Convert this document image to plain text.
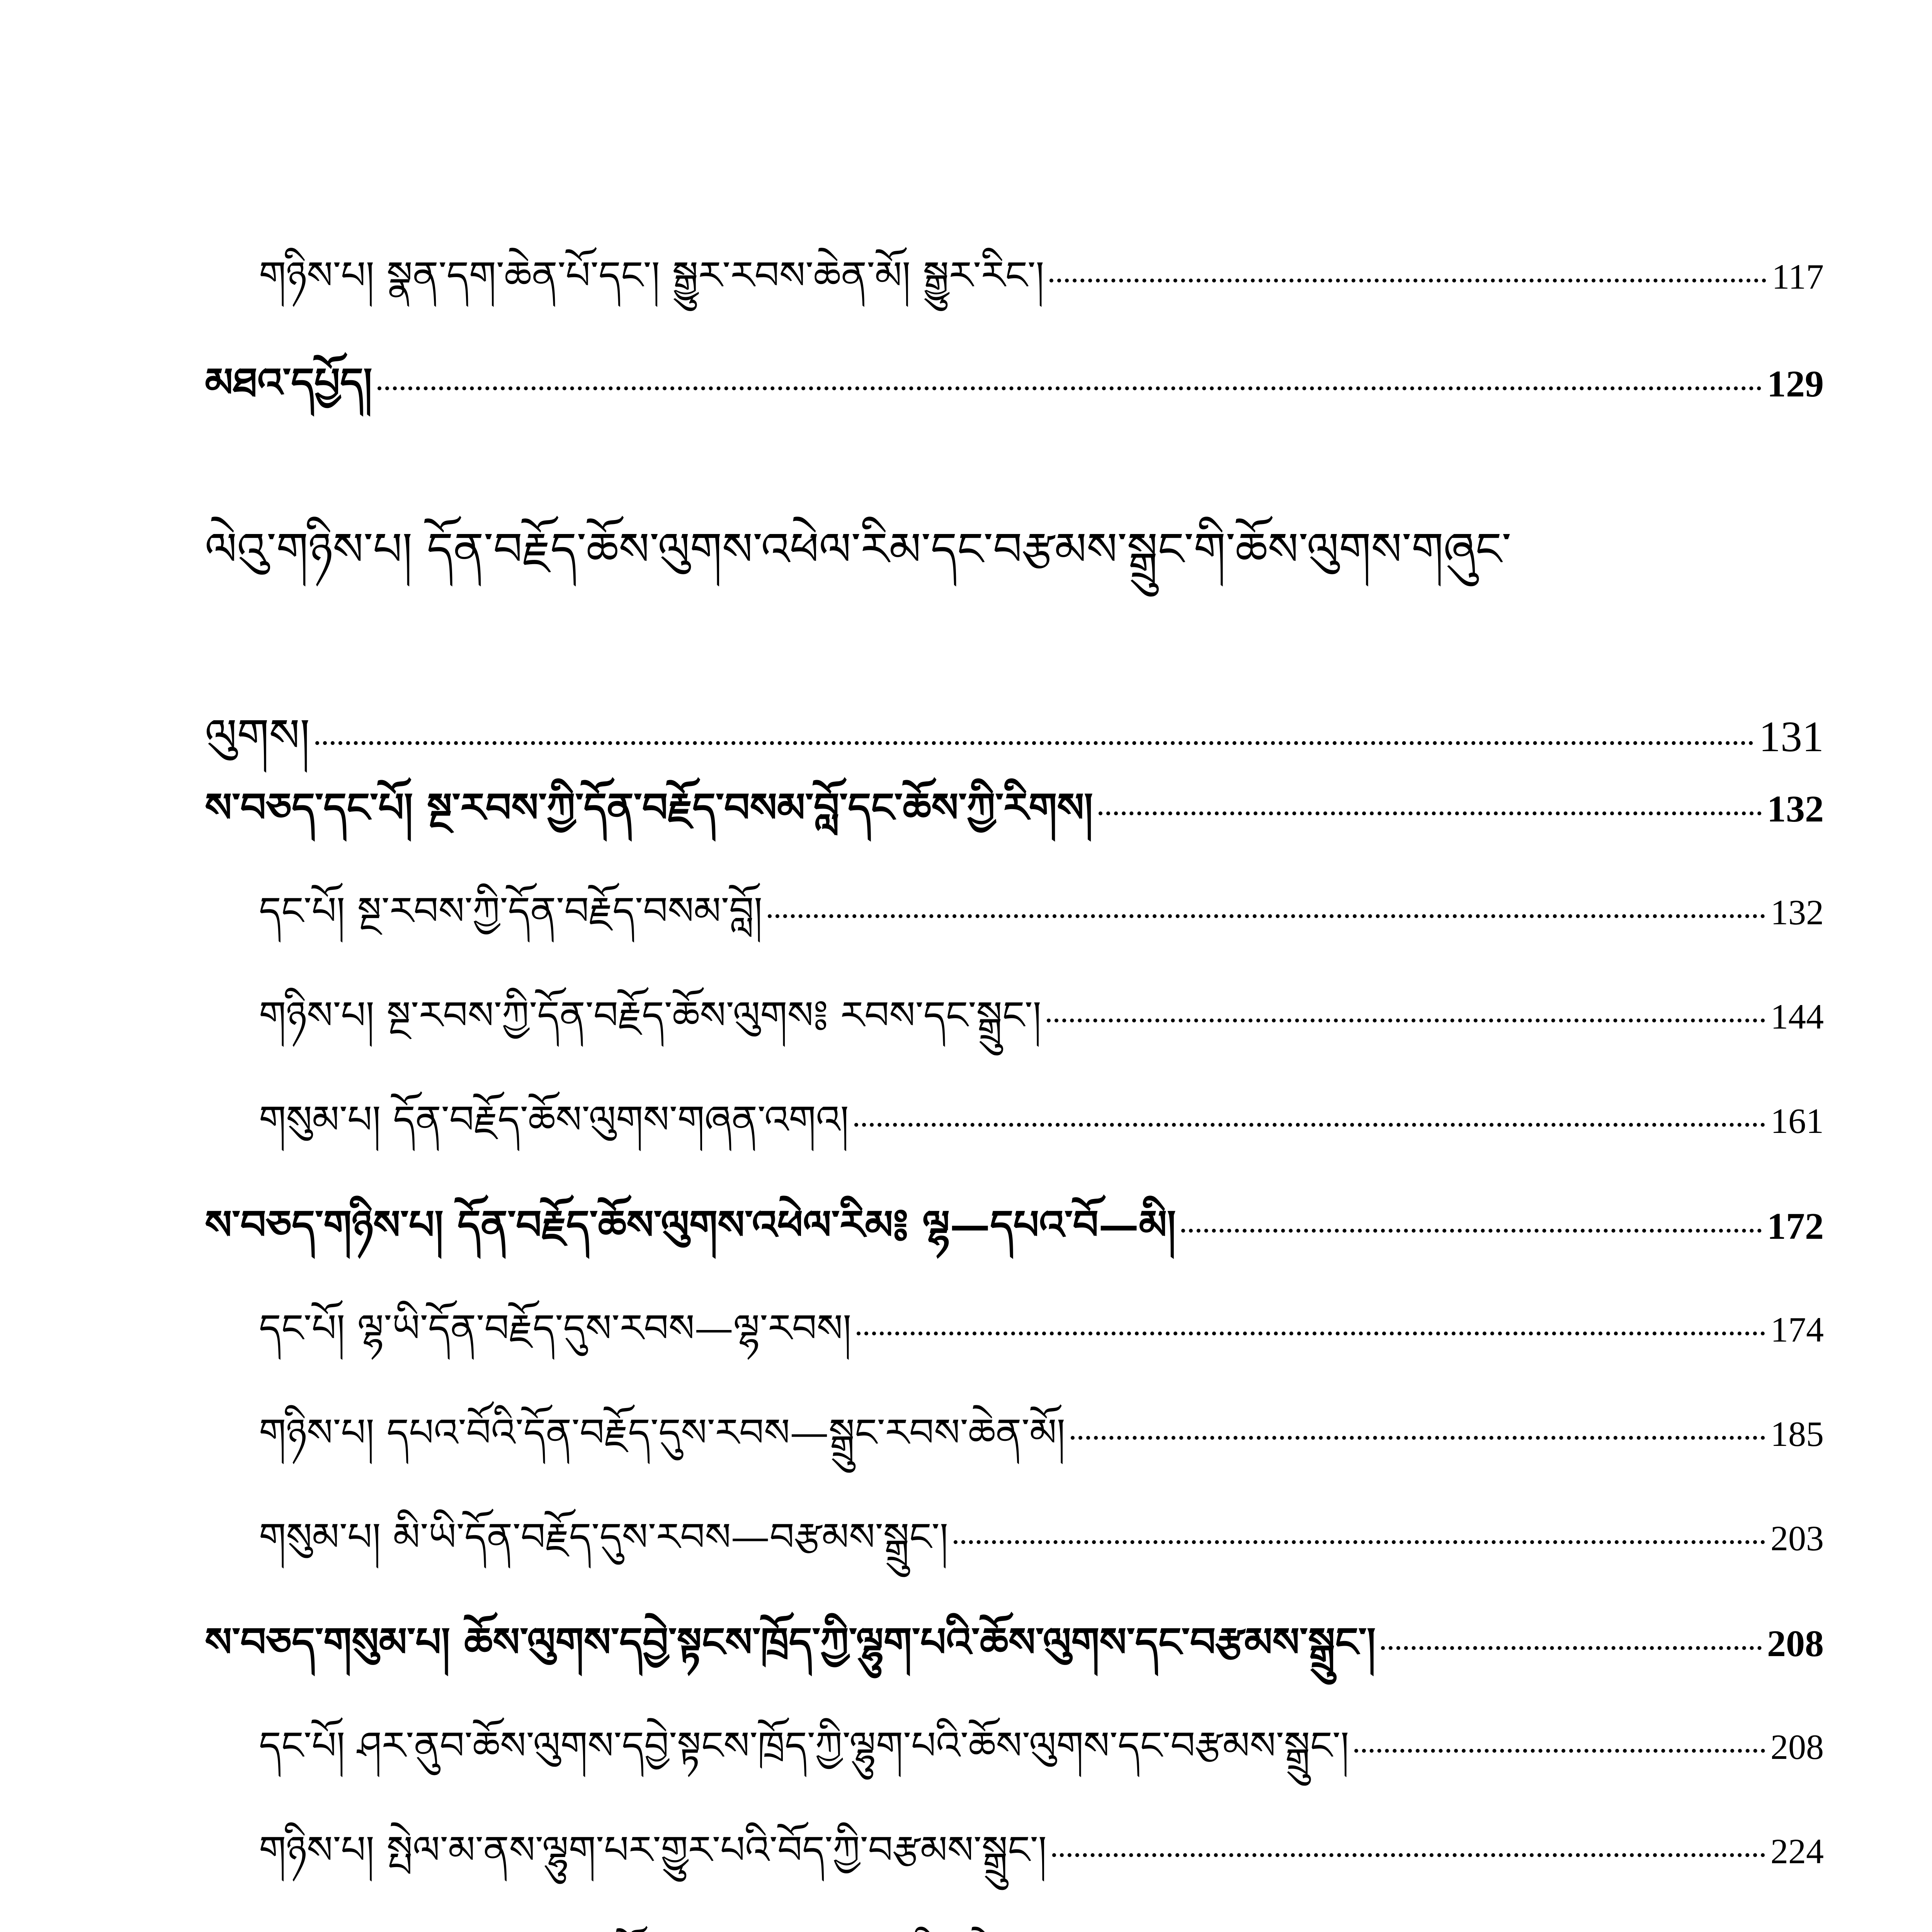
གཉིས་པ། སྣན་དག་ཆེན་པོ་དང་། སྒྱུར་རབས་ཆེན་མོ། སྒྱུར་རིང་།	117
མཐའ་དཔྱོད།	129
ལེའུ་གཉིས་པ། དོན་བརྗོད་ཆོས་ལུགས་འཕེལ་རིམ་དང་བརྩམས་སྒྲུང་གི་ཆོས་ལུགས་གཞུང་
ལུགས།	131
ས་བཅད་དང་པོ། སྔ་རབས་ཀྱི་དོན་བརྗོད་བསམ་བློ་དང་ཆོས་ཀྱི་རིགས།	132
དང་པོ། སྔ་རབས་ཀྱི་དོན་བརྗོད་བསམ་བློ།	132
གཉིས་པ། སྔ་རབས་ཀྱི་དོན་བརྗོད་ཆོས་ལུགས༔ རབས་དང་སྒྲུང་།	144
གསུམ་པ། དོན་བརྗོད་ཆོས་ལུགས་གཞན་འགའ།	161
ས་བཅད་གཉིས་པ། དོན་བརྗོད་ཆོས་ལུགས་འཕེལ་རིམ༔ ལྷ—དཔའ་བོ—མི།	172
དང་པོ། ལྷ་ཡི་དོན་བརྗོད་དུས་རབས—ལྷ་རབས།	174
གཉིས་པ། དཔའ་བོའི་དོན་བརྗོད་དུས་རབས—སྒྲུང་རབས་ཆེན་མོ།	185
གསུམ་པ། མི་ཡི་དོན་བརྗོད་དུས་རབས—བརྩམས་སྒྲུང་།	203
ས་བཅད་གསུམ་པ། ཆོས་ལུགས་དབྱེ་སྟངས་ཁྲོད་ཀྱི་ལྷུག་པའི་ཆོས་ལུགས་དང་བརྩམས་སྒྲུང་།	208
དང་པོ། ཤར་ནུབ་ཆོས་ལུགས་དབྱེ་སྟངས་ཁྲོད་ཀྱི་ལྷུག་པའི་ཆོས་ལུགས་དང་བརྩམས་སྒྲུང་།	208
གཉིས་པ། སྤེལ་མ་ནས་ལྷུག་པར་གྱུར་པའི་བོད་ཀྱི་བརྩམས་སྒྲུང་།	224
